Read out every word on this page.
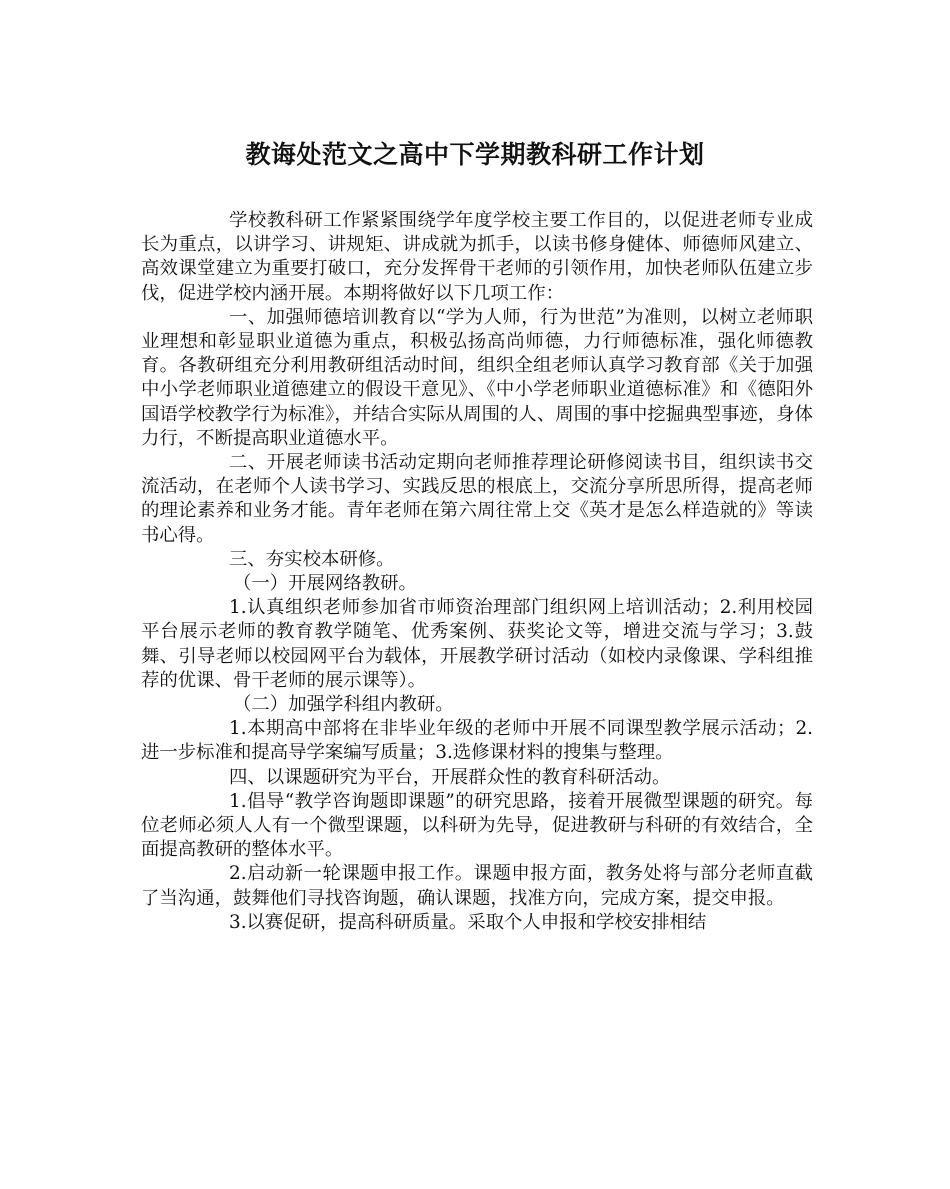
教诲处范文之高中下学期教科研工作计划

学校教科研工作紧紧围绕学年度学校主要工作目的，以促进老师专业成长为重点，以讲学习、讲规矩、讲成就为抓手，以读书修身健体、师德师风建立、高效课堂建立为重要打破口，充分发挥骨干老师的引领作用，加快老师队伍建立步伐，促进学校内涵开展。本期将做好以下几项工作：

一、加强师德培训教育以“学为人师，行为世范”为准则，以树立老师职业理想和彰显职业道德为重点，积极弘扬高尚师德，力行师德标准，强化师德教育。各教研组充分利用教研组活动时间，组织全组老师认真学习教育部《关于加强中小学老师职业道德建立的假设干意见》、《中小学老师职业道德标准》和《德阳外国语学校教学行为标准》，并结合实际从周围的人、周围的事中挖掘典型事迹，身体力行，不断提高职业道德水平。

二、开展老师读书活动定期向老师推荐理论研修阅读书目，组织读书交流活动，在老师个人读书学习、实践反思的根底上，交流分享所思所得，提高老师的理论素养和业务才能。青年老师在第六周往常上交《英才是怎么样造就的》等读书心得。

三、夯实校本研修。

（一）开展网络教研。

1.认真组织老师参加省市师资治理部门组织网上培训活动；2.利用校园平台展示老师的教育教学随笔、优秀案例、获奖论文等，增进交流与学习；3.鼓舞、引导老师以校园网平台为载体，开展教学研讨活动（如校内录像课、学科组推荐的优课、骨干老师的展示课等）。

（二）加强学科组内教研。

1.本期高中部将在非毕业年级的老师中开展不同课型教学展示活动；2.进一步标准和提高导学案编写质量；3.选修课材料的搜集与整理。

四、以课题研究为平台，开展群众性的教育科研活动。

1.倡导“教学咨询题即课题”的研究思路，接着开展微型课题的研究。每位老师必须人人有一个微型课题，以科研为先导，促进教研与科研的有效结合，全面提高教研的整体水平。

2.启动新一轮课题申报工作。课题申报方面，教务处将与部分老师直截了当沟通，鼓舞他们寻找咨询题，确认课题，找准方向，完成方案，提交申报。

3.以赛促研，提高科研质量。采取个人申报和学校安排相结
